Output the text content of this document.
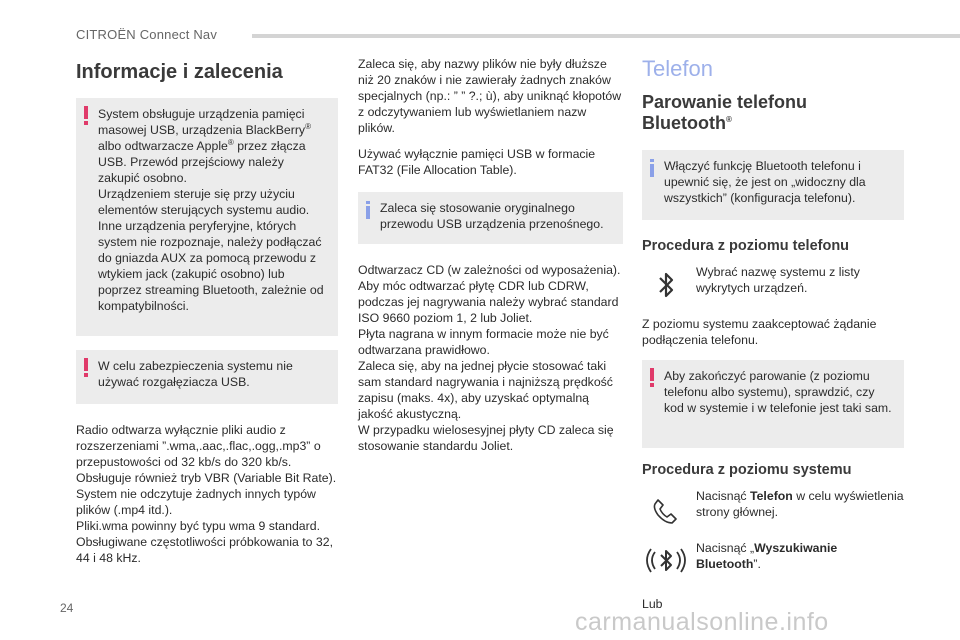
CITROËN Connect Nav
Informacje i zalecenia

System obsługuje urządzenia pamięci masowej USB, urządzenia BlackBerry® albo odtwarzacze Apple® przez złącza USB. Przewód przejściowy należy zakupić osobno.
Urządzeniem steruje się przy użyciu elementów sterujących systemu audio.
Inne urządzenia peryferyjne, których system nie rozpoznaje, należy podłączać do gniazda AUX za pomocą przewodu z wtykiem jack (zakupić osobno) lub poprzez streaming Bluetooth, zależnie od kompatybilności.

W celu zabezpieczenia systemu nie używać rozgałęziacza USB.

Radio odtwarza wyłącznie pliki audio z rozszerzeniami ”.wma,.aac,.flac,.ogg,.mp3” o przepustowości od 32 kb/s do 320 kb/s.
Obsługuje również tryb VBR (Variable Bit Rate).
System nie odczytuje żadnych innych typów plików (.mp4 itd.).
Pliki.wma powinny być typu wma 9 standard.
Obsługiwane częstotliwości próbkowania to 32, 44 i 48 kHz.

Zaleca się, aby nazwy plików nie były dłuższe niż 20 znaków i nie zawierały żadnych znaków specjalnych (np.: ” ” ?.; ù), aby uniknąć kłopotów z odczytywaniem lub wyświetlaniem nazw plików.

Używać wyłącznie pamięci USB w formacie FAT32 (File Allocation Table).

Zaleca się stosowanie oryginalnego przewodu USB urządzenia przenośnego.

Odtwarzacz CD (w zależności od wyposażenia).
Aby móc odtwarzać płytę CDR lub CDRW, podczas jej nagrywania należy wybrać standard ISO 9660 poziom 1, 2 lub Joliet.
Płyta nagrana w innym formacie może nie być odtwarzana prawidłowo.
Zaleca się, aby na jednej płycie stosować taki sam standard nagrywania i najniższą prędkość zapisu (maks. 4x), aby uzyskać optymalną jakość akustyczną.
W przypadku wielosesyjnej płyty CD zaleca się stosowanie standardu Joliet.

Telefon
Parowanie telefonu
Bluetooth®

Włączyć funkcję Bluetooth telefonu i upewnić się, że jest on „widoczny dla wszystkich” (konfiguracja telefonu).

Procedura z poziomu telefonu

Wybrać nazwę systemu z listy wykrytych urządzeń.

Z poziomu systemu zaakceptować żądanie podłączenia telefonu.

Aby zakończyć parowanie (z poziomu telefonu albo systemu), sprawdzić, czy kod w systemie i w telefonie jest taki sam.

Procedura z poziomu systemu

Nacisnąć Telefon w celu wyświetlenia strony głównej.

Nacisnąć „Wyszukiwanie Bluetooth”.

Lub

24	carmanualsonline.info
